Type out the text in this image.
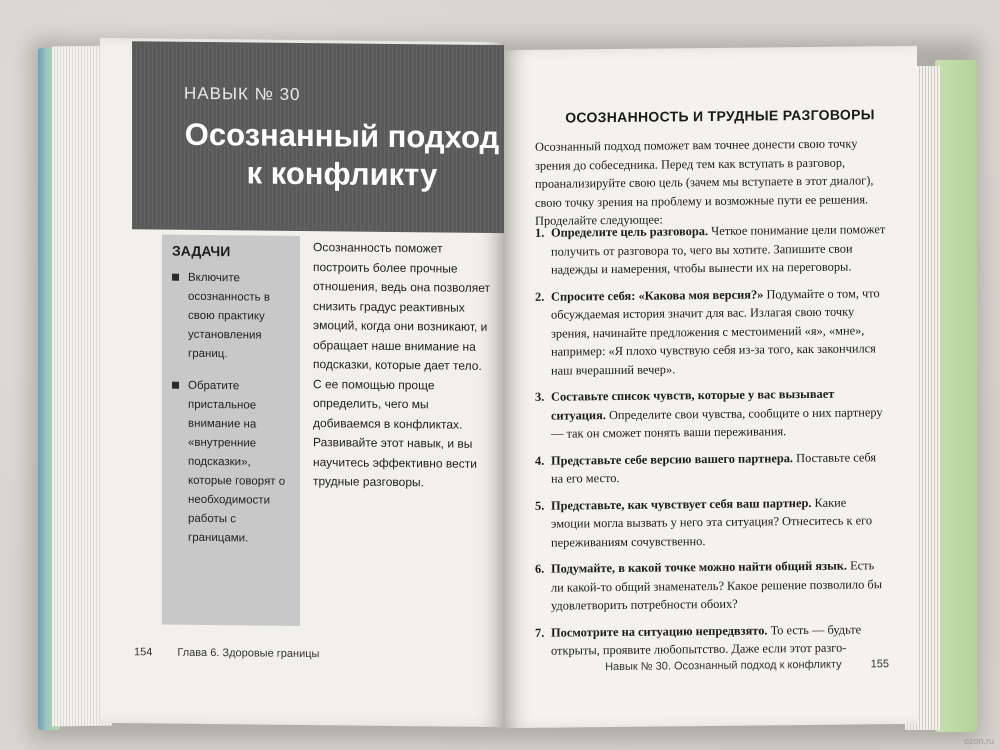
НАВЫК № 30
Осознанный подход
к конфликту
ЗАДАЧИ
Включите осознанность в свою практику установления границ.
Обратите пристальное внимание на «внутренние подсказки», которые говорят о необходимости работы с границами.
Осознанность поможет построить более прочные отношения, ведь она позволяет снизить градус реактивных эмоций, когда они возникают, и обращает наше внимание на подсказки, которые дает тело. С ее помощью проще определить, чего мы добиваемся в конфликтах. Развивайте этот навык, и вы научитесь эффективно вести трудные разговоры.
154 Глава 6. Здоровые границы
ОСОЗНАННОСТЬ И ТРУДНЫЕ РАЗГОВОРЫ
Осознанный подход поможет вам точнее донести свою точку зрения до собеседника. Перед тем как вступать в разговор, проанализируйте свою цель (зачем мы вступаете в этот диалог), свою точку зрения на проблему и возможные пути ее решения. Проделайте следующее:
1. Определите цель разговора. Четкое понимание цели поможет получить от разговора то, чего вы хотите. Запишите свои надежды и намерения, чтобы вынести их на переговоры.
2. Спросите себя: «Какова моя версия?» Подумайте о том, что обсуждаемая история значит для вас. Излагая свою точку зрения, начинайте предложения с местоимений «я», «мне», например: «Я плохо чувствую себя из-за того, как закончился наш вчерашний вечер».
3. Составьте список чувств, которые у вас вызывает ситуация. Определите свои чувства, сообщите о них партнеру — так он сможет понять ваши переживания.
4. Представьте себе версию вашего партнера. Поставьте себя на его место.
5. Представьте, как чувствует себя ваш партнер. Какие эмоции могла вызвать у него эта ситуация? Отнеситесь к его переживаниям сочувственно.
6. Подумайте, в какой точке можно найти общий язык. Есть ли какой-то общий знаменатель? Какое решение позволило бы удовлетворить потребности обоих?
7. Посмотрите на ситуацию непредвзято. То есть — будьте открыты, проявите любопытство. Даже если этот разго-
Навык № 30. Осознанный подход к конфликту	155
ozon.ru
